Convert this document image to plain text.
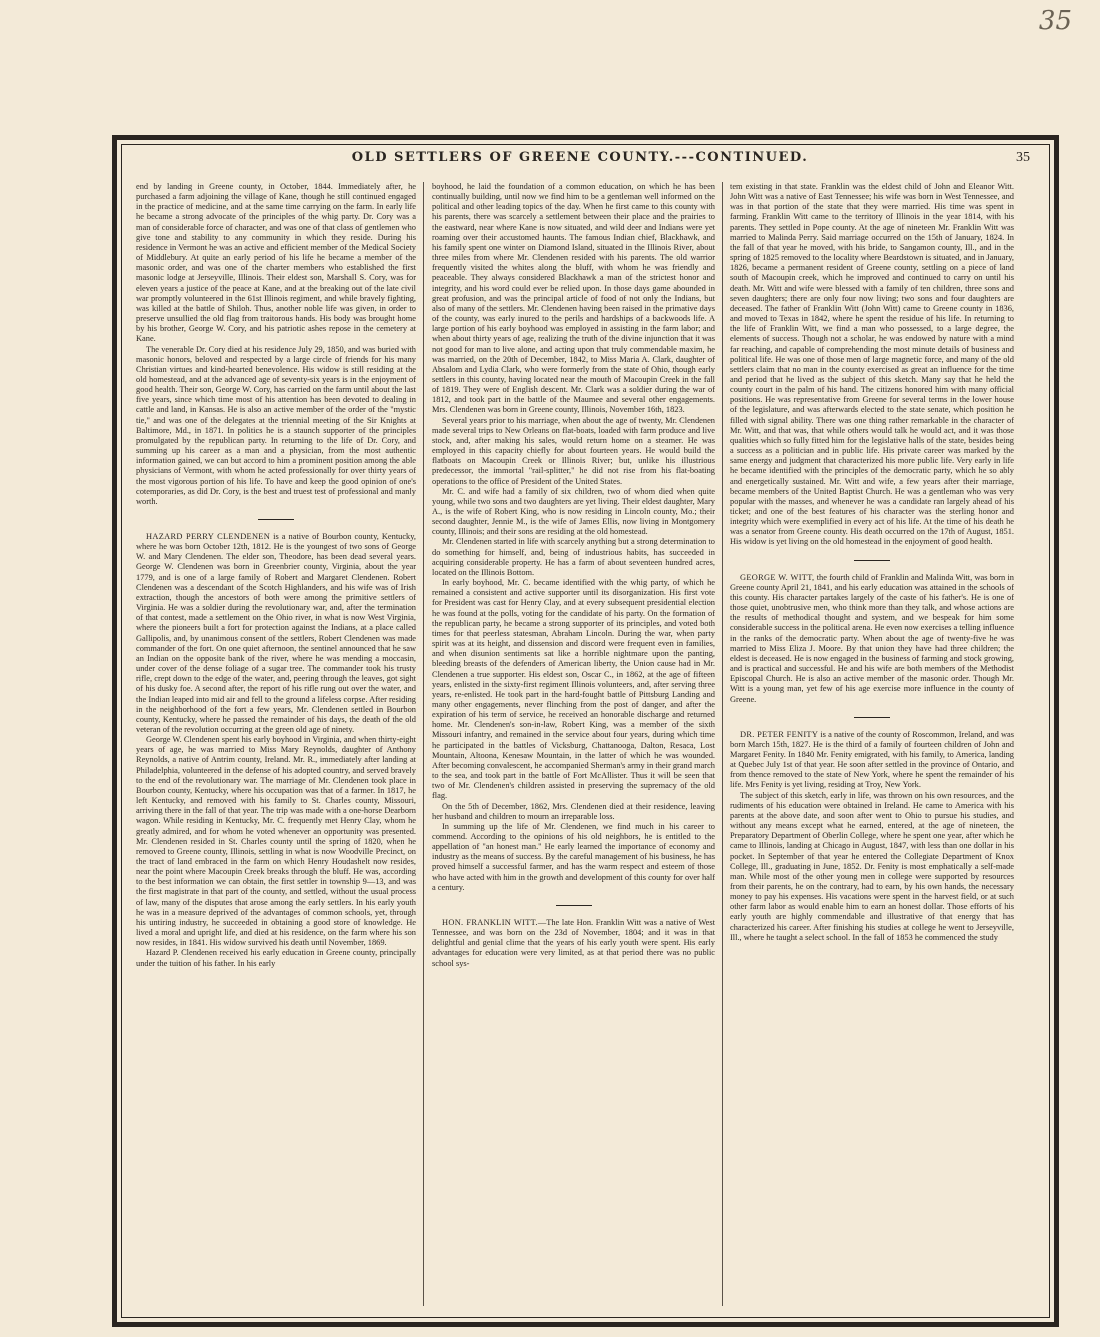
35
OLD SETTLERS OF GREENE COUNTY.---CONTINUED.	35

end by landing in Greene county, in October, 1844. Immediately after, he purchased a farm adjoining the village of Kane, though he still continued engaged in the practice of medicine, and at the same time carrying on the farm. In early life he became a strong advocate of the principles of the whig party. Dr. Cory was a man of considerable force of character, and was one of that class of gentlemen who give tone and stability to any community in which they reside. During his residence in Vermont he was an active and efficient member of the Medical Society of Middlebury. At quite an early period of his life he became a member of the masonic order, and was one of the charter members who established the first masonic lodge at Jerseyville, Illinois. Their eldest son, Marshall S. Cory, was for eleven years a justice of the peace at Kane, and at the breaking out of the late civil war promptly volunteered in the 61st Illinois regiment, and while bravely fighting, was killed at the battle of Shiloh. Thus, another noble life was given, in order to preserve unsullied the old flag from traitorous hands. His body was brought home by his brother, George W. Cory, and his patriotic ashes repose in the cemetery at Kane.

The venerable Dr. Cory died at his residence July 29, 1850, and was buried with masonic honors, beloved and respected by a large circle of friends for his many Christian virtues and kind-hearted benevolence. His widow is still residing at the old homestead, and at the advanced age of seventy-six years is in the enjoyment of good health. Their son, George W. Cory, has carried on the farm until about the last five years, since which time most of his attention has been devoted to dealing in cattle and land, in Kansas. He is also an active member of the order of the "mystic tie," and was one of the delegates at the triennial meeting of the Sir Knights at Baltimore, Md., in 1871. In politics he is a staunch supporter of the principles promulgated by the republican party. In returning to the life of Dr. Cory, and summing up his career as a man and a physician, from the most authentic information gained, we can but accord to him a prominent position among the able physicians of Vermont, with whom he acted professionally for over thirty years of the most vigorous portion of his life. To have and keep the good opinion of one's cotemporaries, as did Dr. Cory, is the best and truest test of professional and manly worth.

HAZARD PERRY CLENDENEN is a native of Bourbon county, Kentucky, where he was born October 12th, 1812. He is the youngest of two sons of George W. and Mary Clendenen. The elder son, Theodore, has been dead several years. George W. Clendenen was born in Greenbrier county, Virginia, about the year 1779, and is one of a large family of Robert and Margaret Clendenen. Robert Clendenen was a descendant of the Scotch Highlanders, and his wife was of Irish extraction, though the ancestors of both were among the primitive settlers of Virginia. He was a soldier during the revolutionary war, and, after the termination of that contest, made a settlement on the Ohio river, in what is now West Virginia, where the pioneers built a fort for protection against the Indians, at a place called Gallipolis, and, by unanimous consent of the settlers, Robert Clendenen was made commander of the fort. On one quiet afternoon, the sentinel announced that he saw an Indian on the opposite bank of the river, where he was mending a moccasin, under cover of the dense foliage of a sugar tree. The commander took his trusty rifle, crept down to the edge of the water, and, peering through the leaves, got sight of his dusky foe. A second after, the report of his rifle rung out over the water, and the Indian leaped into mid air and fell to the ground a lifeless corpse. After residing in the neighborhood of the fort a few years, Mr. Clendenen settled in Bourbon county, Kentucky, where he passed the remainder of his days, the death of the old veteran of the revolution occurring at the green old age of ninety.

George W. Clendenen spent his early boyhood in Virginia, and when thirty-eight years of age, he was married to Miss Mary Reynolds, daughter of Anthony Reynolds, a native of Antrim county, Ireland. Mr. R., immediately after landing at Philadelphia, volunteered in the defense of his adopted country, and served bravely to the end of the revolutionary war. The marriage of Mr. Clendenen took place in Bourbon county, Kentucky, where his occupation was that of a farmer. In 1817, he left Kentucky, and removed with his family to St. Charles county, Missouri, arriving there in the fall of that year. The trip was made with a one-horse Dearborn wagon. While residing in Kentucky, Mr. C. frequently met Henry Clay, whom he greatly admired, and for whom he voted whenever an opportunity was presented. Mr. Clendenen resided in St. Charles county until the spring of 1820, when he removed to Greene county, Illinois, settling in what is now Woodville Precinct, on the tract of land embraced in the farm on which Henry Houdashelt now resides, near the point where Macoupin Creek breaks through the bluff. He was, according to the best information we can obtain, the first settler in township 9—13, and was the first magistrate in that part of the county, and settled, without the usual process of law, many of the disputes that arose among the early settlers. In his early youth he was in a measure deprived of the advantages of common schools, yet, through his untiring industry, he succeeded in obtaining a good store of knowledge. He lived a moral and upright life, and died at his residence, on the farm where his son now resides, in 1841. His widow survived his death until November, 1869.

Hazard P. Clendenen received his early education in Greene county, principally under the tuition of his father. In his early

boyhood, he laid the foundation of a common education, on which he has been continually building, until now we find him to be a gentleman well informed on the political and other leading topics of the day. When he first came to this county with his parents, there was scarcely a settlement between their place and the prairies to the eastward, near where Kane is now situated, and wild deer and Indians were yet roaming over their accustomed haunts. The famous Indian chief, Blackhawk, and his family spent one winter on Diamond Island, situated in the Illinois River, about three miles from where Mr. Clendenen resided with his parents. The old warrior frequently visited the whites along the bluff, with whom he was friendly and peaceable. They always considered Blackhawk a man of the strictest honor and integrity, and his word could ever be relied upon. In those days game abounded in great profusion, and was the principal article of food of not only the Indians, but also of many of the settlers. Mr. Clendenen having been raised in the primative days of the county, was early inured to the perils and hardships of a backwoods life. A large portion of his early boyhood was employed in assisting in the farm labor; and when about thirty years of age, realizing the truth of the divine injunction that it was not good for man to live alone, and acting upon that truly commendable maxim, he was married, on the 20th of December, 1842, to Miss Maria A. Clark, daughter of Absalom and Lydia Clark, who were formerly from the state of Ohio, though early settlers in this county, having located near the mouth of Macoupin Creek in the fall of 1819. They were of English descent. Mr. Clark was a soldier during the war of 1812, and took part in the battle of the Maumee and several other engagements. Mrs. Clendenen was born in Greene county, Illinois, November 16th, 1823.

Several years prior to his marriage, when about the age of twenty, Mr. Clendenen made several trips to New Orleans on flat-boats, loaded with farm produce and live stock, and, after making his sales, would return home on a steamer. He was employed in this capacity chiefly for about fourteen years. He would build the flatboats on Macoupin Creek or Illinois River; but, unlike his illustrious predecessor, the immortal "rail-splitter," he did not rise from his flat-boating operations to the office of President of the United States.

Mr. C. and wife had a family of six children, two of whom died when quite young, while two sons and two daughters are yet living. Their eldest daughter, Mary A., is the wife of Robert King, who is now residing in Lincoln county, Mo.; their second daughter, Jennie M., is the wife of James Ellis, now living in Montgomery county, Illinois; and their sons are residing at the old homestead.

Mr. Clendenen started in life with scarcely anything but a strong determination to do something for himself, and, being of industrious habits, has succeeded in acquiring considerable property. He has a farm of about seventeen hundred acres, located on the Illinois Bottom.

In early boyhood, Mr. C. became identified with the whig party, of which he remained a consistent and active supporter until its disorganization. His first vote for President was cast for Henry Clay, and at every subsequent presidential election he was found at the polls, voting for the candidate of his party. On the formation of the republican party, he became a strong supporter of its principles, and voted both times for that peerless statesman, Abraham Lincoln. During the war, when party spirit was at its height, and dissension and discord were frequent even in families, and when disunion sentiments sat like a horrible nightmare upon the panting, bleeding breasts of the defenders of American liberty, the Union cause had in Mr. Clendenen a true supporter. His eldest son, Oscar C., in 1862, at the age of fifteen years, enlisted in the sixty-first regiment Illinois volunteers, and, after serving three years, re-enlisted. He took part in the hard-fought battle of Pittsburg Landing and many other engagements, never flinching from the post of danger, and after the expiration of his term of service, he received an honorable discharge and returned home. Mr. Clendenen's son-in-law, Robert King, was a member of the sixth Missouri infantry, and remained in the service about four years, during which time he participated in the battles of Vicksburg, Chattanooga, Dalton, Resaca, Lost Mountain, Altoona, Kenesaw Mountain, in the latter of which he was wounded. After becoming convalescent, he accompanied Sherman's army in their grand march to the sea, and took part in the battle of Fort McAllister. Thus it will be seen that two of Mr. Clendenen's children assisted in preserving the supremacy of the old flag.

On the 5th of December, 1862, Mrs. Clendenen died at their residence, leaving her husband and children to mourn an irreparable loss.

In summing up the life of Mr. Clendenen, we find much in his career to commend. According to the opinions of his old neighbors, he is entitled to the appellation of "an honest man." He early learned the importance of economy and industry as the means of success. By the careful management of his business, he has proved himself a successful farmer, and has the warm respect and esteem of those who have acted with him in the growth and development of this county for over half a century.

HON. FRANKLIN WITT.—The late Hon. Franklin Witt was a native of West Tennessee, and was born on the 23d of November, 1804; and it was in that delightful and genial clime that the years of his early youth were spent. His early advantages for education were very limited, as at that period there was no public school sys-

tem existing in that state. Franklin was the eldest child of John and Eleanor Witt. John Witt was a native of East Tennessee; his wife was born in West Tennessee, and was in that portion of the state that they were married. His time was spent in farming. Franklin Witt came to the territory of Illinois in the year 1814, with his parents. They settled in Pope county. At the age of nineteen Mr. Franklin Witt was married to Malinda Perry. Said marriage occurred on the 15th of January, 1824. In the fall of that year he moved, with his bride, to Sangamon county, Ill., and in the spring of 1825 removed to the locality where Beardstown is situated, and in January, 1826, became a permanent resident of Greene county, settling on a piece of land south of Macoupin creek, which he improved and continued to carry on until his death. Mr. Witt and wife were blessed with a family of ten children, three sons and seven daughters; there are only four now living; two sons and four daughters are deceased. The father of Franklin Witt (John Witt) came to Greene county in 1836, and moved to Texas in 1842, where he spent the residue of his life. In returning to the life of Franklin Witt, we find a man who possessed, to a large degree, the elements of success. Though not a scholar, he was endowed by nature with a mind far reaching, and capable of comprehending the most minute details of business and political life. He was one of those men of large magnetic force, and many of the old settlers claim that no man in the county exercised as great an influence for the time and period that he lived as the subject of this sketch. Many say that he held the county court in the palm of his hand. The citizens honored him with many official positions. He was representative from Greene for several terms in the lower house of the legislature, and was afterwards elected to the state senate, which position he filled with signal ability. There was one thing rather remarkable in the character of Mr. Witt, and that was, that while others would talk he would act, and it was those qualities which so fully fitted him for the legislative halls of the state, besides being a success as a politician and in public life. His private career was marked by the same energy and judgment that characterized his more public life. Very early in life he became identified with the principles of the democratic party, which he so ably and energetically sustained. Mr. Witt and wife, a few years after their marriage, became members of the United Baptist Church. He was a gentleman who was very popular with the masses, and whenever he was a candidate ran largely ahead of his ticket; and one of the best features of his character was the sterling honor and integrity which were exemplified in every act of his life. At the time of his death he was a senator from Greene county. His death occurred on the 17th of August, 1851. His widow is yet living on the old homestead in the enjoyment of good health.

GEORGE W. WITT, the fourth child of Franklin and Malinda Witt, was born in Greene county April 21, 1841, and his early education was attained in the schools of this county. His character partakes largely of the caste of his father's. He is one of those quiet, unobtrusive men, who think more than they talk, and whose actions are the results of methodical thought and system, and we bespeak for him some considerable success in the political arena. He even now exercises a telling influence in the ranks of the democratic party. When about the age of twenty-five he was married to Miss Eliza J. Moore. By that union they have had three children; the eldest is deceased. He is now engaged in the business of farming and stock growing, and is practical and successful. He and his wife are both members of the Methodist Episcopal Church. He is also an active member of the masonic order. Though Mr. Witt is a young man, yet few of his age exercise more influence in the county of Greene.

DR. PETER FENITY is a native of the county of Roscommon, Ireland, and was born March 15th, 1827. He is the third of a family of fourteen children of John and Margaret Fenity. In 1840 Mr. Fenity emigrated, with his family, to America, landing at Quebec July 1st of that year. He soon after settled in the province of Ontario, and from thence removed to the state of New York, where he spent the remainder of his life. Mrs Fenity is yet living, residing at Troy, New York.

The subject of this sketch, early in life, was thrown on his own resources, and the rudiments of his education were obtained in Ireland. He came to America with his parents at the above date, and soon after went to Ohio to pursue his studies, and without any means except what he earned, entered, at the age of nineteen, the Preparatory Department of Oberlin College, where he spent one year, after which he came to Illinois, landing at Chicago in August, 1847, with less than one dollar in his pocket. In September of that year he entered the Collegiate Department of Knox College, Ill., graduating in June, 1852. Dr. Fenity is most emphatically a self-made man. While most of the other young men in college were supported by resources from their parents, he on the contrary, had to earn, by his own hands, the necessary money to pay his expenses. His vacations were spent in the harvest field, or at such other farm labor as would enable him to earn an honest dollar. Those efforts of his early youth are highly commendable and illustrative of that energy that has characterized his career. After finishing his studies at college he went to Jerseyville, Ill., where he taught a select school. In the fall of 1853 he commenced the study
